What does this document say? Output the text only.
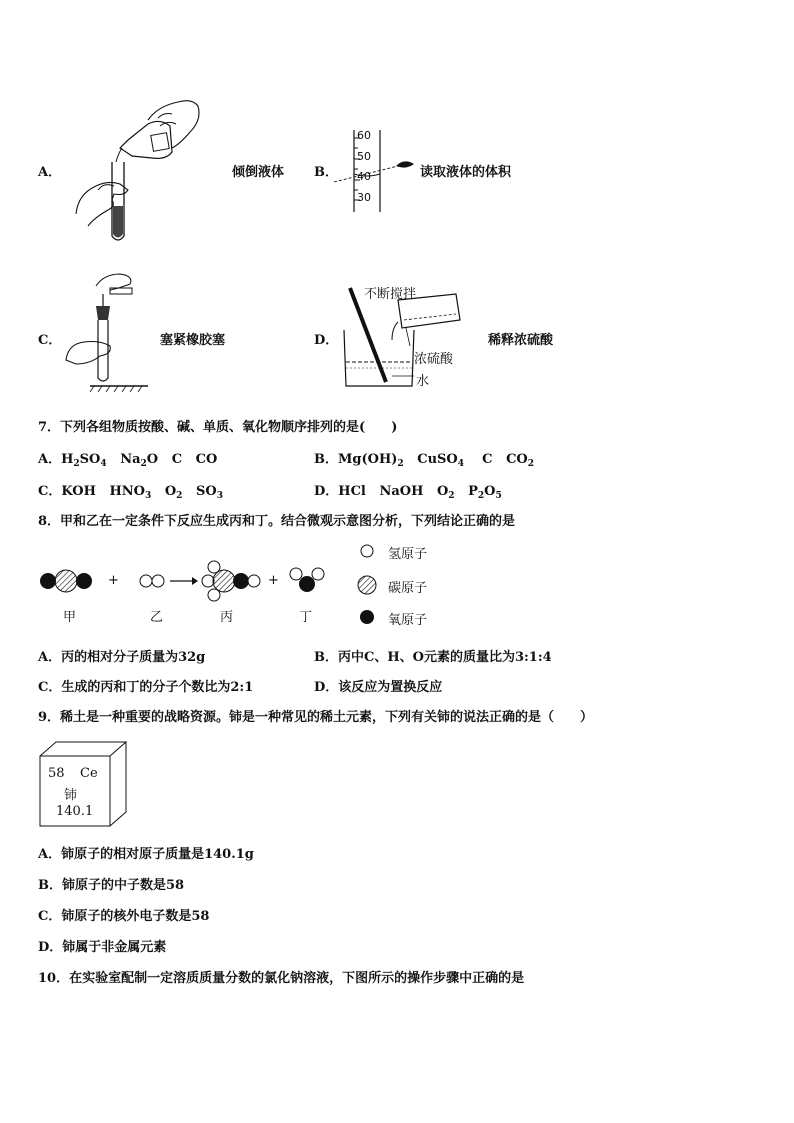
A．	倾倒液体 B．
60
50
40
30
读取液体的体积
C．	塞紧橡胶塞	D．
不断搅拌
浓硫酸
水
稀释浓硫酸
7．下列各组物质按酸、碱、单质、氧化物顺序排列的是(　　)
A．$H_2SO_4$ $Na_2O$ C CO	B．$Mg(OH)_2$ CuSO$_4$ C $CO_2$
C．KOH $HNO_3$ $O_2$ $SO_3$	D．HCl NaOH $O_2$ $P_2O_5$
8．甲和乙在一定条件下反应生成丙和丁。结合微观示意图分析，下列结论正确的是
+	+
甲	乙	丙	丁
氢原子
碳原子
氧原子
A．丙的相对分子质量为32g	B．丙中C、H、O元素的质量比为3:1:4
C．生成的丙和丁的分子个数比为2:1	D．该反应为置换反应
9．稀土是一种重要的战略资源。铈是一种常见的稀土元素，下列有关铈的说法正确的是（　　）
58 Ce
铈
140.1
A．铈原子的相对原子质量是140.1g
B．铈原子的中子数是58
C．铈原子的核外电子数是58
D．铈属于非金属元素
10．在实验室配制一定溶质质量分数的氯化钠溶液，下图所示的操作步骤中正确的是
